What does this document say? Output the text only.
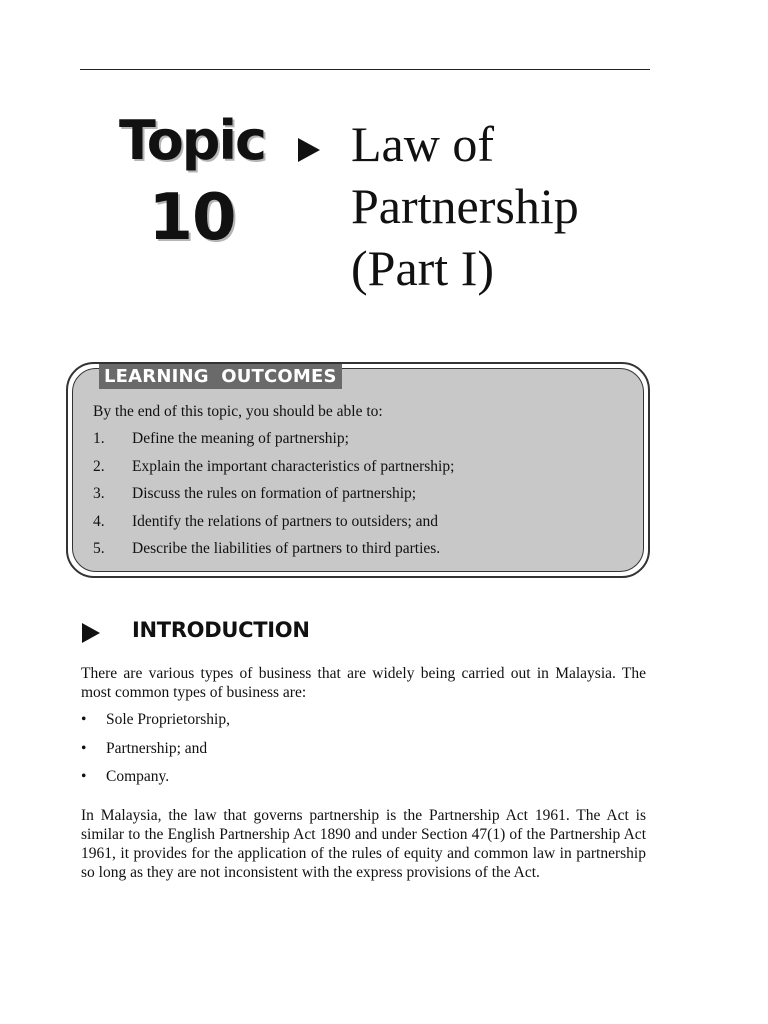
Topic
10
Law of
Partnership
(Part I)
LEARNING OUTCOMES
By the end of this topic, you should be able to:
1. Define the meaning of partnership;
2. Explain the important characteristics of partnership;
3. Discuss the rules on formation of partnership;
4. Identify the relations of partners to outsiders; and
5. Describe the liabilities of partners to third parties.
INTRODUCTION

There are various types of business that are widely being carried out in Malaysia. The most common types of business are:

• Sole Proprietorship,
• Partnership; and
• Company.

In Malaysia, the law that governs partnership is the Partnership Act 1961. The Act is similar to the English Partnership Act 1890 and under Section 47(1) of the Partnership Act 1961, it provides for the application of the rules of equity and common law in partnership so long as they are not inconsistent with the express provisions of the Act.
